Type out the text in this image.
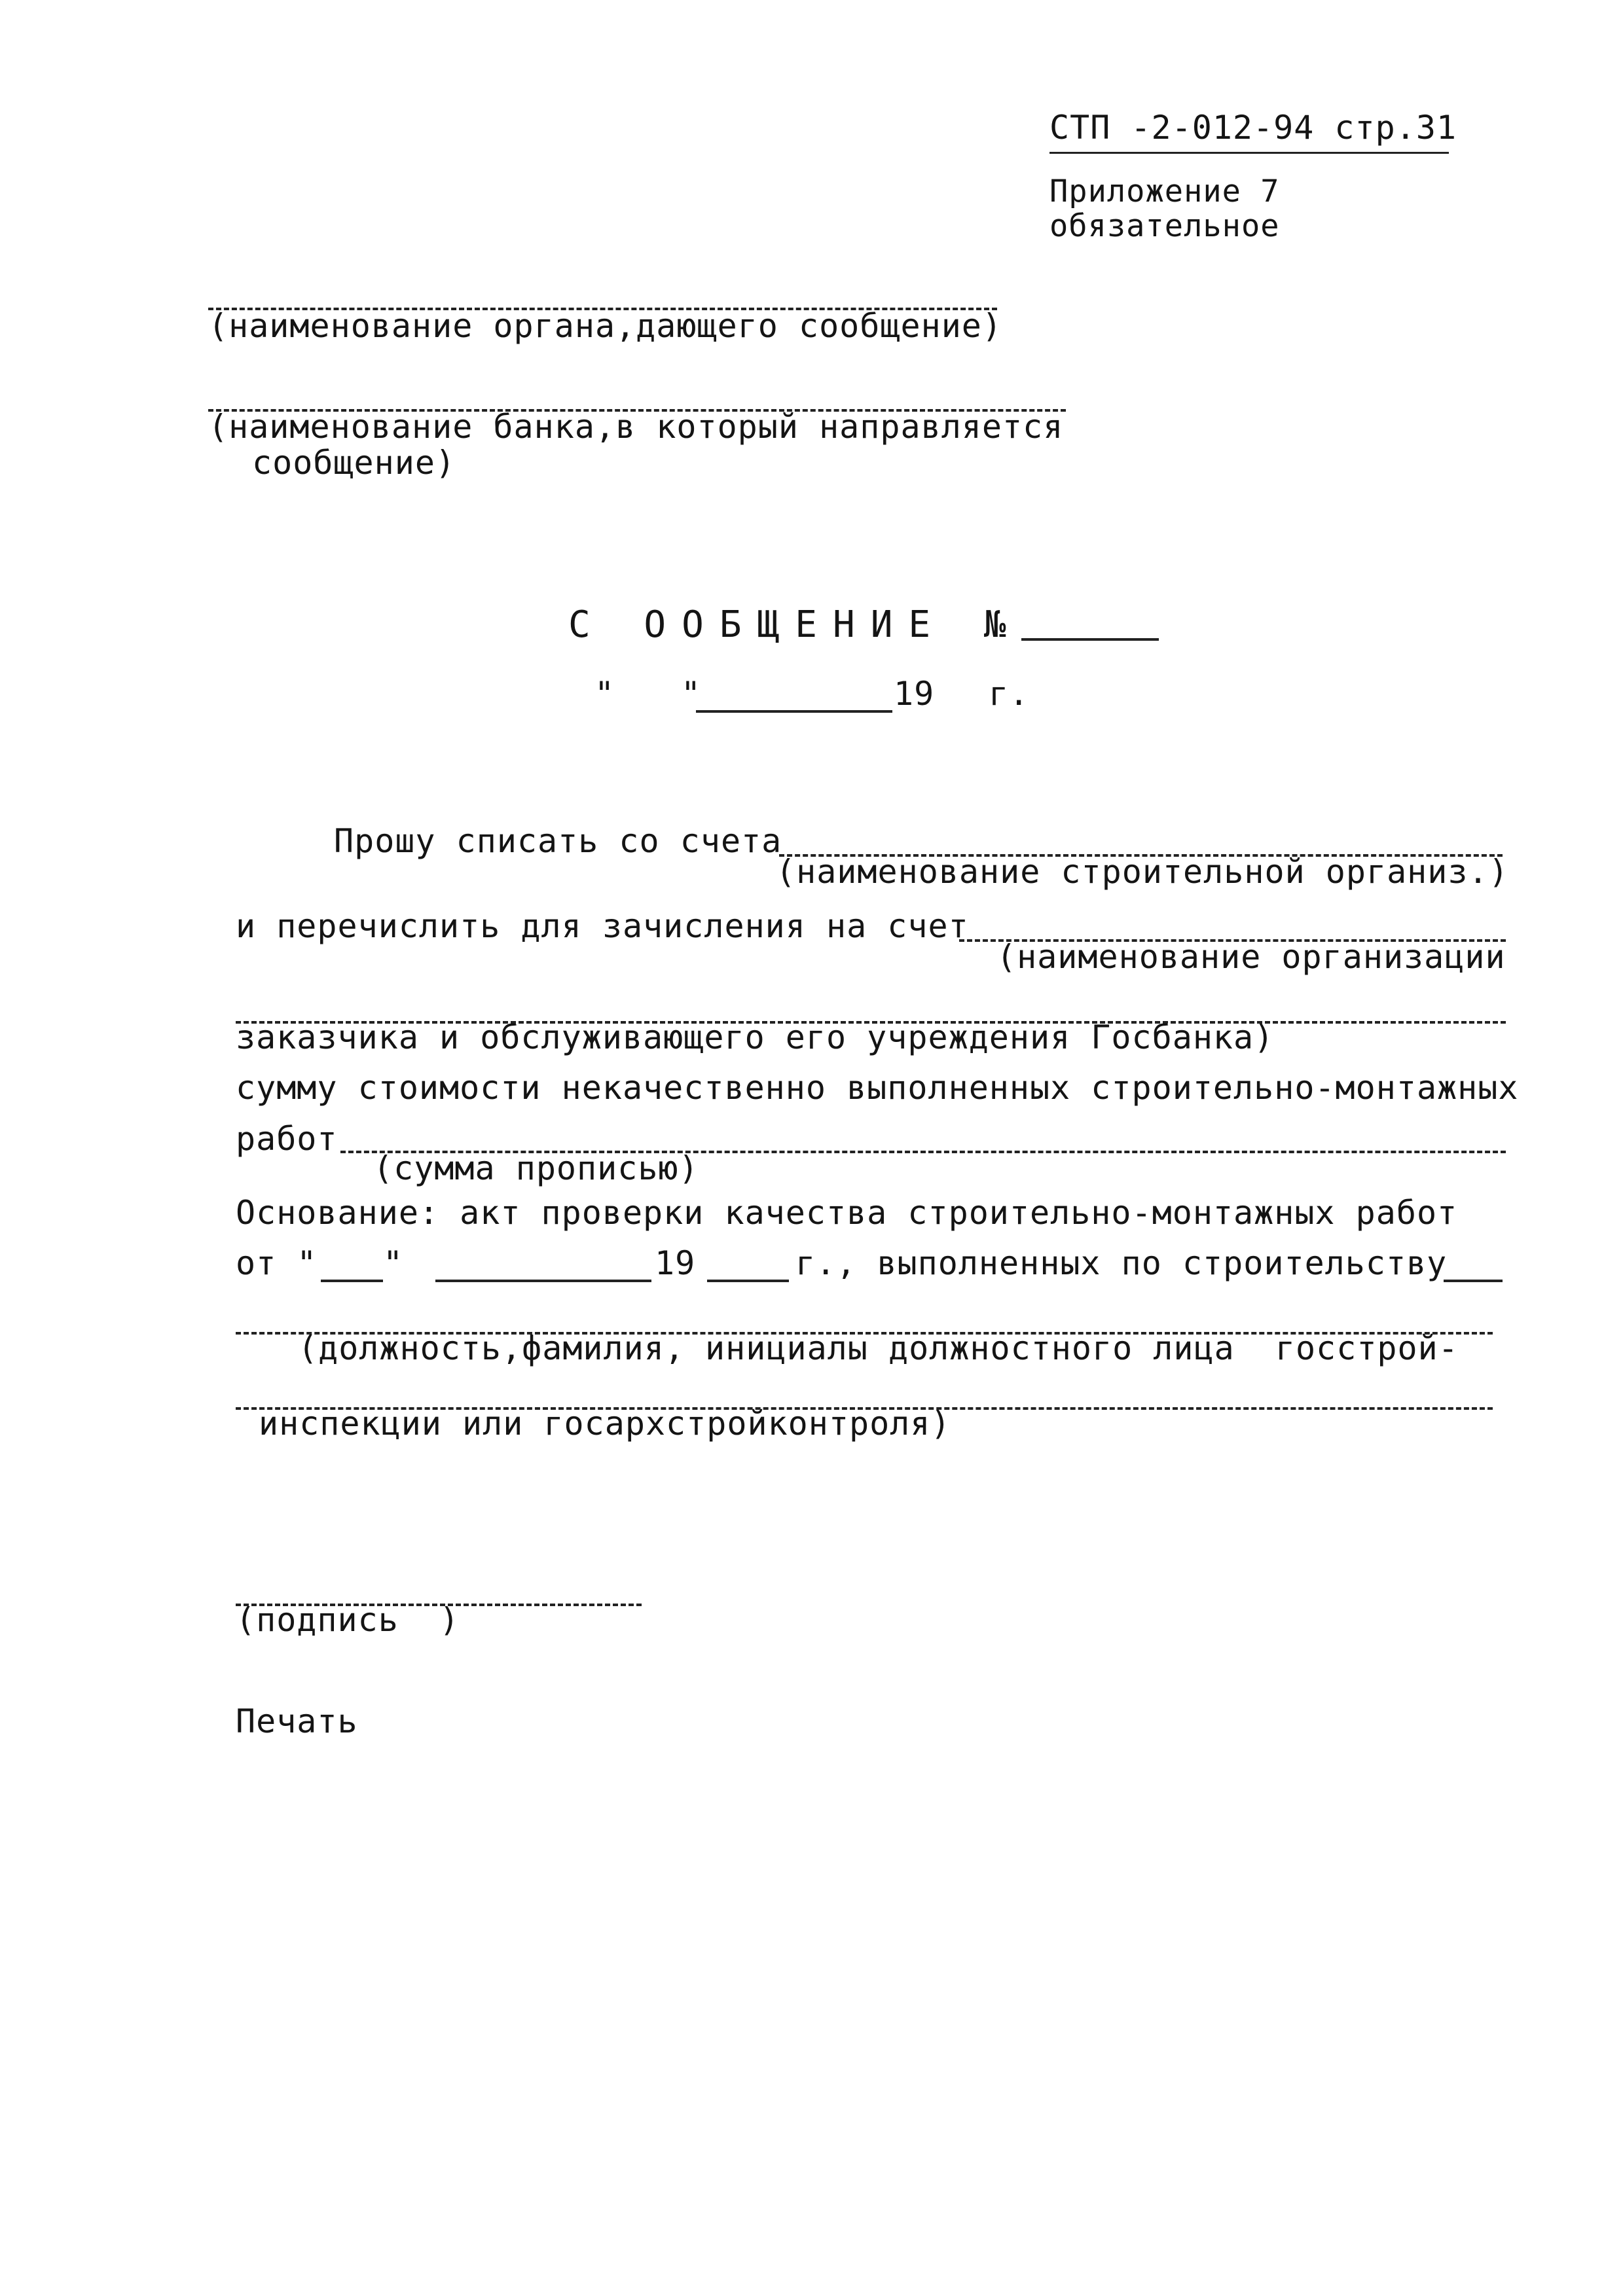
СТП -2-012-94 стр.31
Приложение 7
обязательное
(наименование органа,дающего сообщение)
(наименование банка,в который направляется
сообщение)
С ООБЩЕНИЕ №
" "	19 г.
Прошу списать со счета
(наименование строительной организ.)
и перечислить для зачисления на счет
(наименование организации
заказчика и обслуживающего его учреждения Госбанка)
сумму стоимости некачественно выполненных строительно-монтажных
работ
(сумма прописью)
Основание: акт проверки качества строительно-монтажных работ
от " "	19	г., выполненных по строительству
(должность,фамилия, инициалы должностного лица  госстрой-
инспекции или госархстройконтроля)
(подпись  )
Печать
